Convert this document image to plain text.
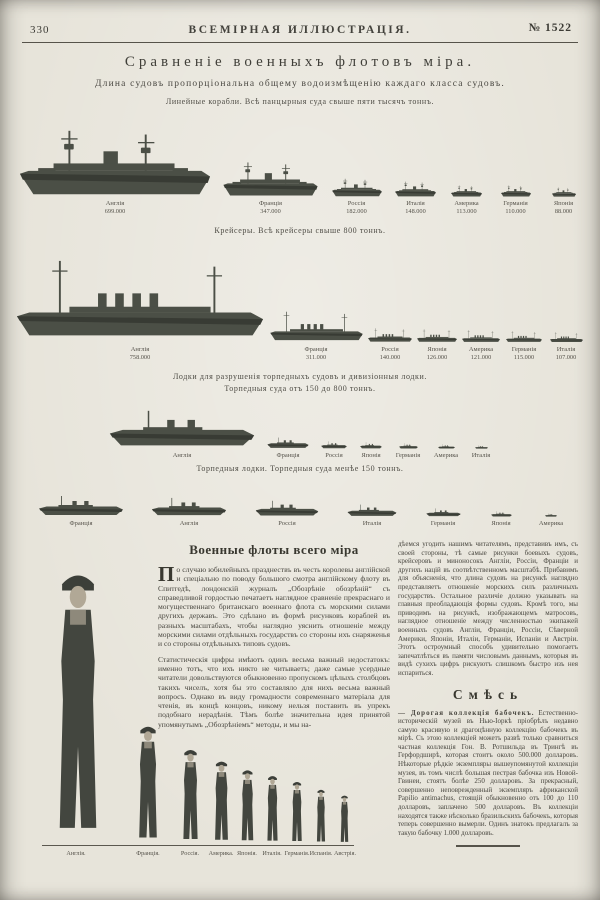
330	ВСЕМІРНАЯ ИЛЛЮСТРАЦІЯ.	№ 1522
Сравненіе военныхъ флотовъ міра.
Длина судовъ пропорціональна общему водоизмѣщенію каждаго класса судовъ.
Линейные корабли. Всѣ панцырныя суда свыше пяти тысячъ тоннъ.
Англія
699.000
Франція
347.000
Россія
182.000
Италія
148.000
Америка
113.000
Германія
110.000
Японія
88.000
Крейсеры. Всѣ крейсеры свыше 800 тоннъ.
Англія
758.000
Франція
311.000
Россія
140.000
Японія
126.000
Америка
121.000
Германія
115.000
Италія
107.000
Лодки для разрушенія торпедныхъ судовъ и дивизіонныя лодки.
Торпедныя суда отъ 150 до 800 тоннъ.
Англія	Франція	Россія	Японія Германія Америка Италія
Торпедныя лодки. Торпедныя суда менѣе 150 тоннъ.
Франція	Англія	Россія	Италія	Германія	Японія	Америка
Военные флоты всего міра

По случаю юбилейныхъ празднествъ въ честь королевы англійской и спеціально по поводу большого смотра англійскому флоту въ Спитгедѣ, лондонскій журналъ „Обозрѣніе обозрѣній“ съ справедливой гордостью печатаетъ наглядное сравненіе прекраснаго и могущественнаго британскаго военнаго флота съ морскими силами другихъ державъ. Это сдѣлано въ формѣ рисунковъ кораблей въ разныхъ масштабахъ, чтобы наглядно уяснить отношеніе между морскими силами отдѣльныхъ государствъ со стороны ихъ снаряженья и со стороны отдѣльныхъ типовъ судовъ.

Статистическія цифры имѣютъ одинъ весьма важный недостатокъ: именно тотъ, что ихъ никто не читываетъ; даже самые усердные читатели довольствуются обыкновенно пропускомъ цѣлыхъ столбцовъ такихъ чиселъ, хотя бы это составляло для нихъ весьма важный вопросъ. Однако въ виду громадности современнаго матеріала для чтенія, въ концѣ концовъ, никому нельзя поставить въ упрекъ подобнаго нерадѣнія. Тѣмъ болѣе значительна идея принятой упомянутымъ „Обозрѣніемъ“ методы, и мы на-

дѣемся угодить нашимъ читателямъ, представивъ имъ, съ своей стороны, тѣ самые рисунки боевыхъ судовъ, крейсеровъ и миноносокъ Англіи, Россіи, Франціи и другихъ націй въ соотвѣтственномъ масштабѣ. Прибавимъ для объясненія, что длина судовъ на рисункѣ наглядно представляетъ отношеніе морскихъ силъ различныхъ государствъ. Остальное различіе должно указывать на главныя преобладающія формы судовъ. Кромѣ того, мы приводимъ на рисункѣ, изображающемъ матросовъ, наглядное отношеніе между численностью экипажей военныхъ судовъ Англіи, Франціи, Россіи, Сѣверной Америки, Японіи, Италіи, Германіи, Испаніи и Австріи. Этотъ остроумный способъ удивительно помогаетъ запечатлѣться въ памяти числовымъ даннымъ, которыя въ видѣ сухихъ цифръ рискуютъ слишкомъ быстро изъ нея испариться.

Смѣсь

— Дорогая коллекція бабочекъ. Естественно-историческій музей въ Нью-Іоркѣ пріобрѣлъ недавно самую красивую и драгоцѣнную коллекцію бабочекъ въ мірѣ. Съ этою коллекціей можетъ развѣ только сравниться частная коллекція Гон. В. Ротшильда въ Трингѣ въ Герфордширѣ, которая стоитъ около 500.000 долларовъ. Нѣкоторые рѣдкіе экземпляры вышеупомянутой коллекціи музея, въ томъ числѣ большая пестрая бабочка изъ Новой-Гвинеи, стоятъ болѣе 250 долларовъ. За прекрасный, совершенно неповрежденный экземпляръ африканской Papilio antimachus, стоящій обыкновенно отъ 100 до 110 долларовъ, заплачено 500 долларовъ. Въ коллекціи находятся также нѣсколько бразильскихъ бабочекъ, которыя теперь совершенно вымерли. Одинъ знатокъ предлагалъ за такую бабочку 1.000 долларовъ.

Англія.	Франція.	Россія. Америка. Японія. Италія. Германія. Испанія. Австрія.
